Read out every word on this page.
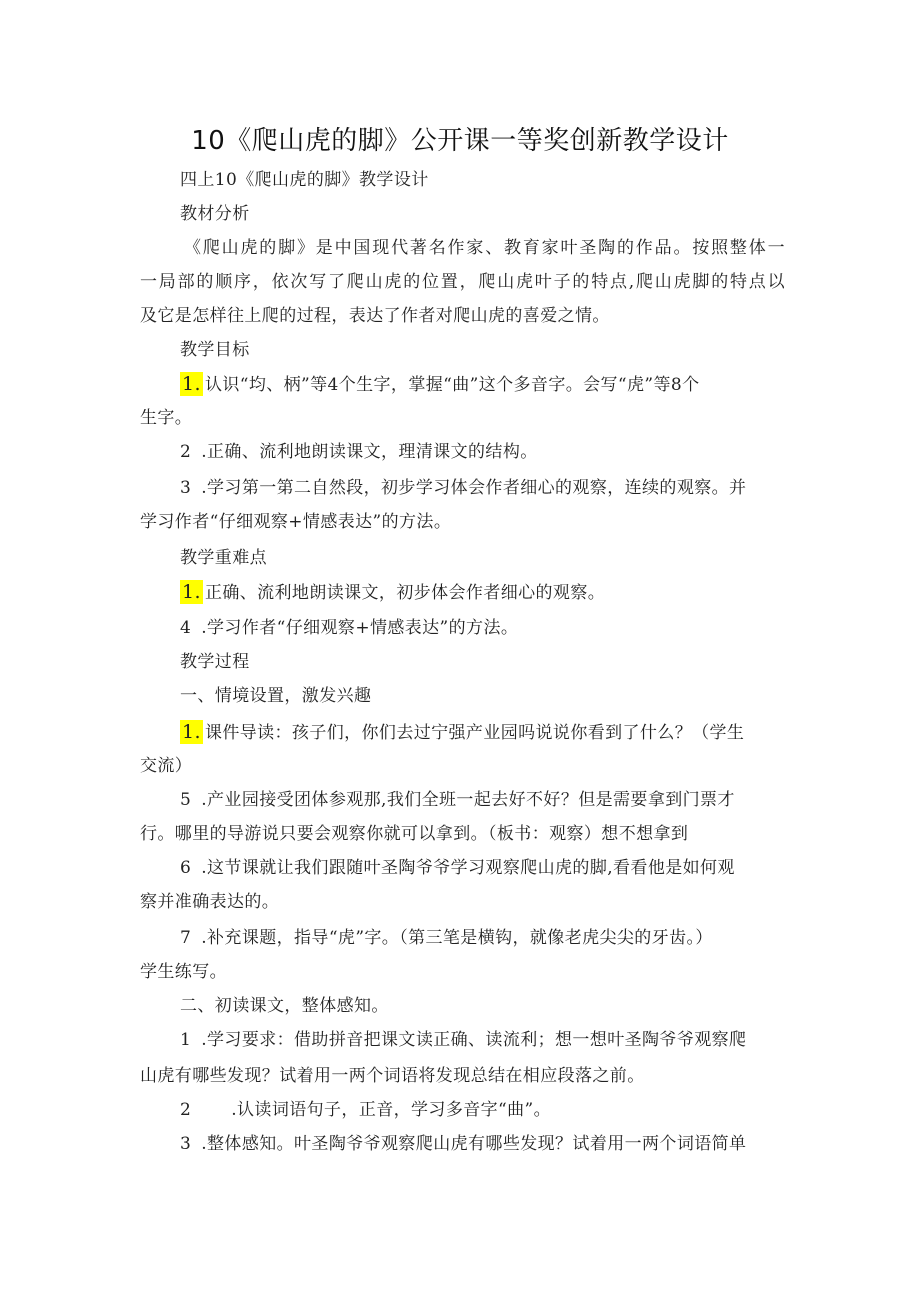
10《爬山虎的脚》公开课一等奖创新教学设计
四上10《爬山虎的脚》教学设计
教材分析
《爬山虎的脚》是中国现代著名作家、教育家叶圣陶的作品。按照整体一
一局部的顺序，依次写了爬山虎的位置，爬山虎叶子的特点,爬山虎脚的特点以
及它是怎样往上爬的过程，表达了作者对爬山虎的喜爱之情。
教学目标
1. 认识“均、柄”等4个生字，掌握“曲”这个多音字。会写“虎”等8个
生字。
2 .正确、流利地朗读课文，理清课文的结构。
3 .学习第一第二自然段，初步学习体会作者细心的观察，连续的观察。并
学习作者“仔细观察+情感表达”的方法。
教学重难点
1. 正确、流利地朗读课文，初步体会作者细心的观察。
4 .学习作者“仔细观察+情感表达”的方法。
教学过程
一、情境设置，激发兴趣
1. 课件导读：孩子们，你们去过宁强产业园吗说说你看到了什么？（学生
交流）
5 .产业园接受团体参观那,我们全班一起去好不好？但是需要拿到门票才
行。哪里的导游说只要会观察你就可以拿到。（板书：观察）想不想拿到
6 .这节课就让我们跟随叶圣陶爷爷学习观察爬山虎的脚,看看他是如何观
察并准确表达的。
7 .补充课题，指导“虎”字。（第三笔是横钩，就像老虎尖尖的牙齿。）
学生练写。
二、初读课文，整体感知。
1 .学习要求：借助拼音把课文读正确、读流利；想一想叶圣陶爷爷观察爬
山虎有哪些发现？试着用一两个词语将发现总结在相应段落之前。
2 .认读词语句子，正音，学习多音字“曲”。
3 .整体感知。叶圣陶爷爷观察爬山虎有哪些发现？试着用一两个词语简单
